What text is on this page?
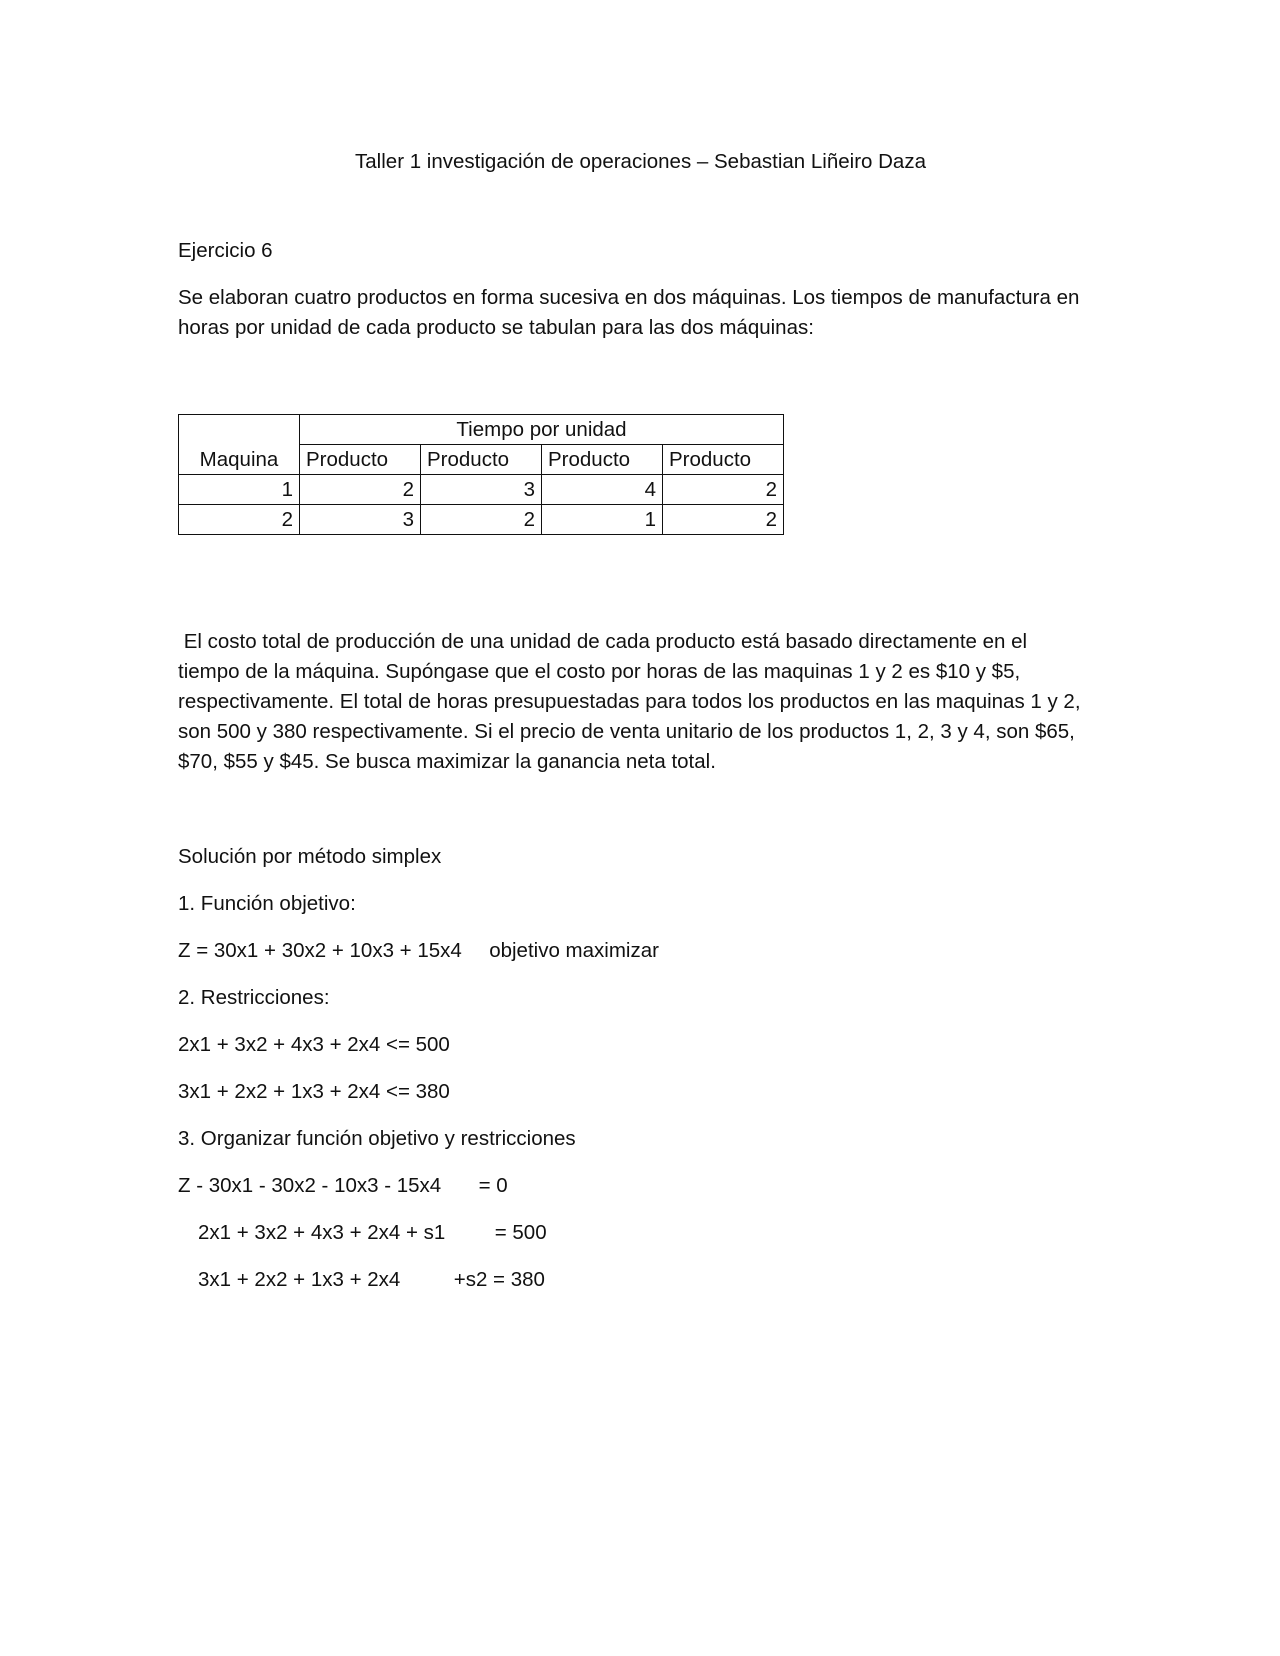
Taller 1 investigación de operaciones – Sebastian Liñeiro Daza

Ejercicio 6

Se elaboran cuatro productos en forma sucesiva en dos máquinas. Los tiempos de manufactura en

horas por unidad de cada producto se tabulan para las dos máquinas:

Maquina	Tiempo por unidad			
	Producto	Producto	Producto	Producto
1	2	3	4	2
2	3	2	1	2

El costo total de producción de una unidad de cada producto está basado directamente en el

tiempo de la máquina. Supóngase que el costo por horas de las maquinas 1 y 2 es $10 y $5,

respectivamente. El total de horas presupuestadas para todos los productos en las maquinas 1 y 2,

son 500 y 380 respectivamente. Si el precio de venta unitario de los productos 1, 2, 3 y 4, son $65,

$70, $55 y $45. Se busca maximizar la ganancia neta total.

Solución por método simplex

1. Función objetivo:

Z = 30x1 + 30x2 + 10x3 + 15x4 objetivo maximizar

2. Restricciones:

2x1 + 3x2 + 4x3 + 2x4 <= 500

3x1 + 2x2 + 1x3 + 2x4 <= 380

3. Organizar función objetivo y restricciones

Z - 30x1 - 30x2 - 10x3 - 15x4 = 0

2x1 + 3x2 + 4x3 + 2x4 + s1 = 500

3x1 + 2x2 + 1x3 + 2x4	+s2 = 380
